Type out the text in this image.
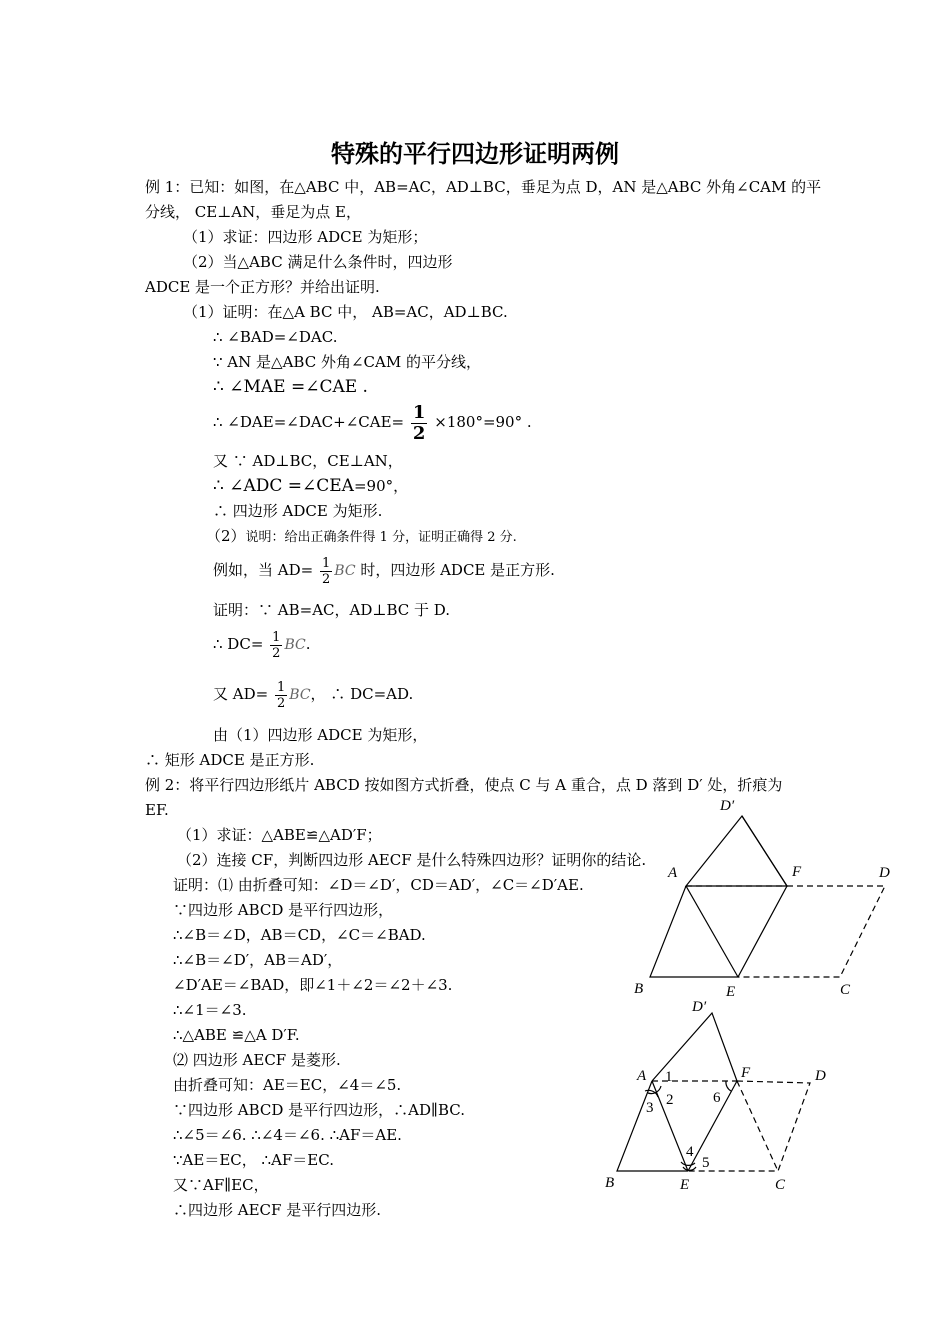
特殊的平行四边形证明两例
例 1：已知：如图，在△ABC 中，AB=AC，AD⊥BC，垂足为点 D，AN 是△ABC 外角∠CAM 的平
分线， CE⊥AN，垂足为点 E，
（1）求证：四边形 ADCE 为矩形；
（2）当△ABC 满足什么条件时，四边形
ADCE 是一个正方形？并给出证明.
（1）证明：在△A BC 中， AB=AC，AD⊥BC.
∴ ∠BAD=∠DAC.
∵ AN 是△ABC 外角∠CAM 的平分线，
∴ ∠MAE =∠CAE .
∴ ∠DAE=∠DAC+∠CAE= $\frac{1}{2} \times 180^\circ=90^\circ$ .
又 ∵ AD⊥BC，CE⊥AN，
∴ ∠ADC =∠CEA=90°，
∴ 四边形 ADCE 为矩形.
（2）说明：给出正确条件得 1 分，证明正确得 2 分.
例如，当 $AD= \frac{1}{2}$ BC 时，四边形 ADCE 是正方形.
证明：∵ AB=AC，AD⊥BC 于 D.
∴ $DC= \frac{1}{2}$ BC.
又 $AD= \frac{1}{2}$ BC， ∴ DC=AD.
由（1）四边形 ADCE 为矩形，
∴ 矩形 ADCE 是正方形.
例 2：将平行四边形纸片 ABCD 按如图方式折叠，使点 C 与 A 重合，点 D 落到 D′ 处，折痕为
EF.
（1）求证：△ABE≌△AD′F；
（2）连接 CF，判断四边形 AECF 是什么特殊四边形？证明你的结论.
证明：⑴ 由折叠可知：∠D＝∠D′，CD＝AD′，∠C＝∠D′AE.
∵四边形 ABCD 是平行四边形，
∴∠B＝∠D，AB＝CD，∠C＝∠BAD.
∴∠B＝∠D′，AB＝AD′，
∠D′AE＝∠BAD，即∠1＋∠2＝∠2＋∠3.
∴∠1＝∠3.
∴△ABE ≌△A D′F.
⑵ 四边形 AECF 是菱形.
由折叠可知：AE＝EC，∠4＝∠5.
∵四边形 ABCD 是平行四边形，∴AD∥BC.
∴∠5＝∠6. ∴∠4＝∠6. ∴AF＝AE.
∵AE＝EC， ∴AF＝EC.
又∵AF∥EC，
∴四边形 AECF 是平行四边形.
D′
A	F	D
B	E	C
D′
A	F	D
B	E	C
1
2
3
4
5
6
